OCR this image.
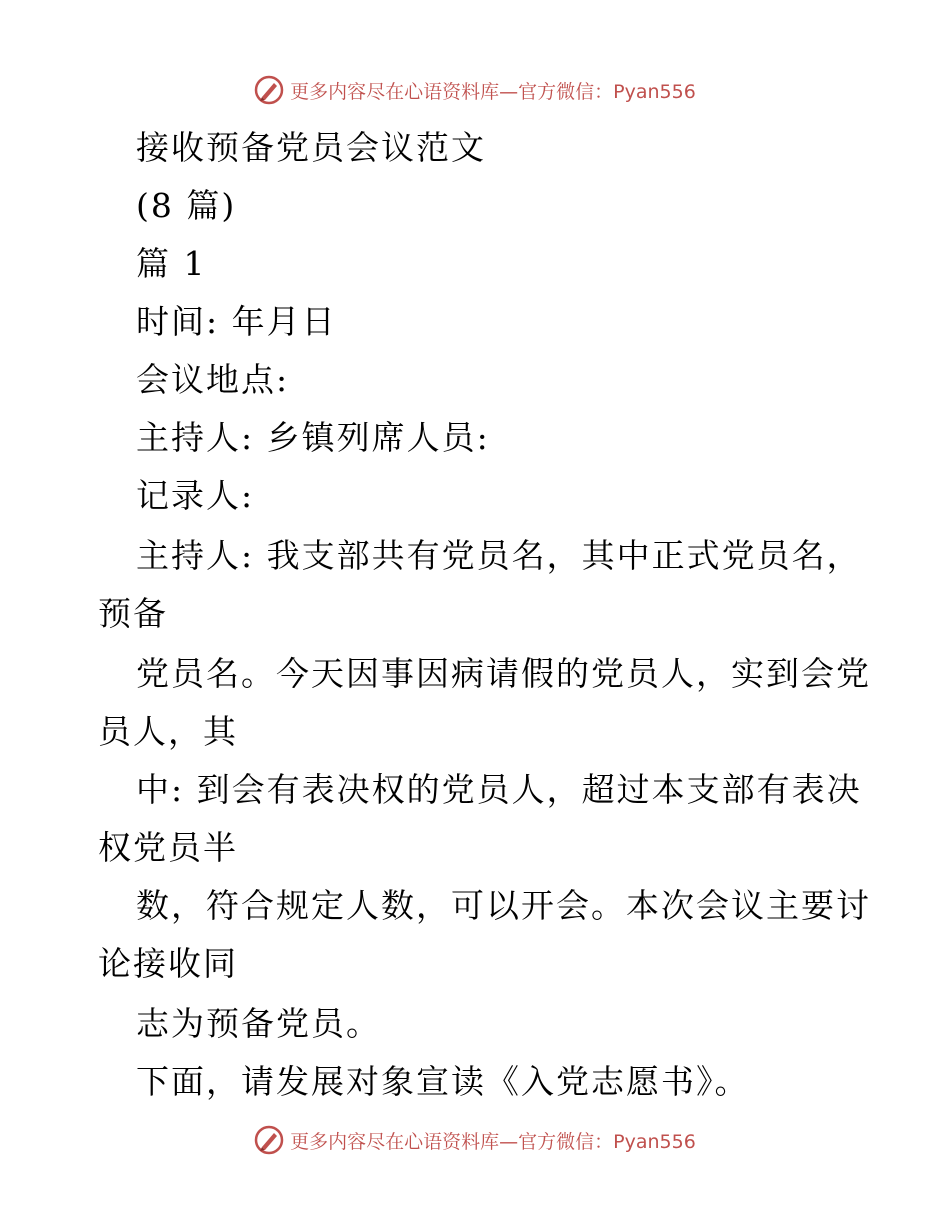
更多内容尽在心语资料库—官方微信：Pyan556
接收预备党员会议范文
(8 篇)
篇 1
时间: 年月日
会议地点:
主持人: 乡镇列席人员:
记录人:
主持人: 我支部共有党员名，其中正式党员名，
预备
党员名。今天因事因病请假的党员人，实到会党
员人，其
中: 到会有表决权的党员人，超过本支部有表决
权党员半
数，符合规定人数，可以开会。本次会议主要讨
论接收同
志为预备党员。
下面，请发展对象宣读《入党志愿书》。
更多内容尽在心语资料库—官方微信：Pyan556
